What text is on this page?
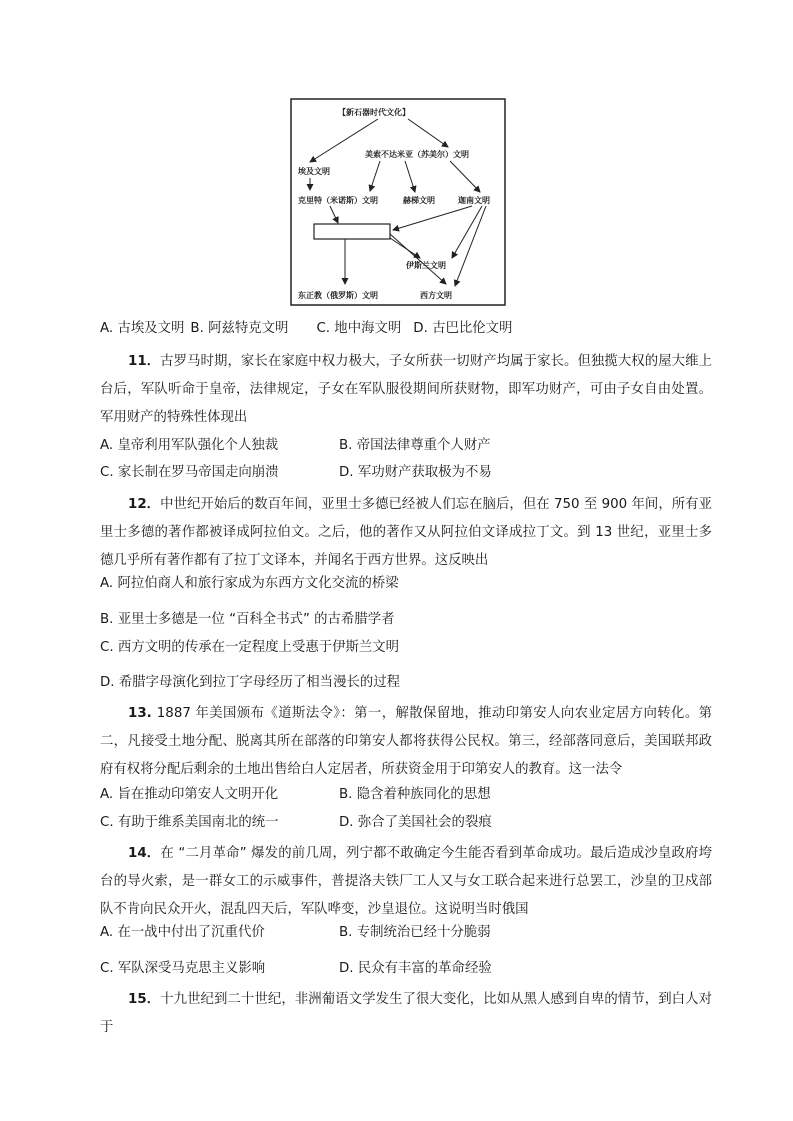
【新石器时代文化】
埃及文明
美索不达米亚（苏美尔）文明
克里特（米诺斯）文明	赫梯文明	迦南文明
伊斯兰文明
东正教（俄罗斯）文明	西方文明
A. 古埃及文明 B. 阿兹特克文明 C. 地中海文明 D. 古巴比伦文明
11．古罗马时期，家长在家庭中权力极大，子女所获一切财产均属于家长。但独揽大权的屋大维上台后，军队听命于皇帝，法律规定，子女在军队服役期间所获财物，即军功财产，可由子女自由处置。军用财产的特殊性体现出
A. 皇帝利用军队强化个人独裁	B. 帝国法律尊重个人财产
C. 家长制在罗马帝国走向崩溃	D. 军功财产获取极为不易
12．中世纪开始后的数百年间，亚里士多德已经被人们忘在脑后，但在 750 至 900 年间，所有亚里士多德的著作都被译成阿拉伯文。之后，他的著作又从阿拉伯文译成拉丁文。到 13 世纪，亚里士多德几乎所有著作都有了拉丁文译本，并闻名于西方世界。这反映出
A. 阿拉伯商人和旅行家成为东西方文化交流的桥梁
B. 亚里士多德是一位 “百科全书式” 的古希腊学者
C. 西方文明的传承在一定程度上受惠于伊斯兰文明
D. 希腊字母演化到拉丁字母经历了相当漫长的过程
13. 1887 年美国颁布《道斯法令》：第一，解散保留地，推动印第安人向农业定居方向转化。第二，凡接受土地分配、脱离其所在部落的印第安人都将获得公民权。第三，经部落同意后，美国联邦政府有权将分配后剩余的土地出售给白人定居者，所获资金用于印第安人的教育。这一法令
A. 旨在推动印第安人文明开化	B. 隐含着种族同化的思想
C. 有助于维系美国南北的统一	D. 弥合了美国社会的裂痕
14．在 “二月革命” 爆发的前几周，列宁都不敢确定今生能否看到革命成功。最后造成沙皇政府垮台的导火索，是一群女工的示威事件，普提洛夫铁厂工人又与女工联合起来进行总罢工，沙皇的卫戍部队不肯向民众开火，混乱四天后，军队哗变，沙皇退位。这说明当时俄国
A. 在一战中付出了沉重代价	B. 专制统治已经十分脆弱
C. 军队深受马克思主义影响	D. 民众有丰富的革命经验
15．十九世纪到二十世纪，非洲葡语文学发生了很大变化，比如从黑人感到自卑的情节，到白人对于
